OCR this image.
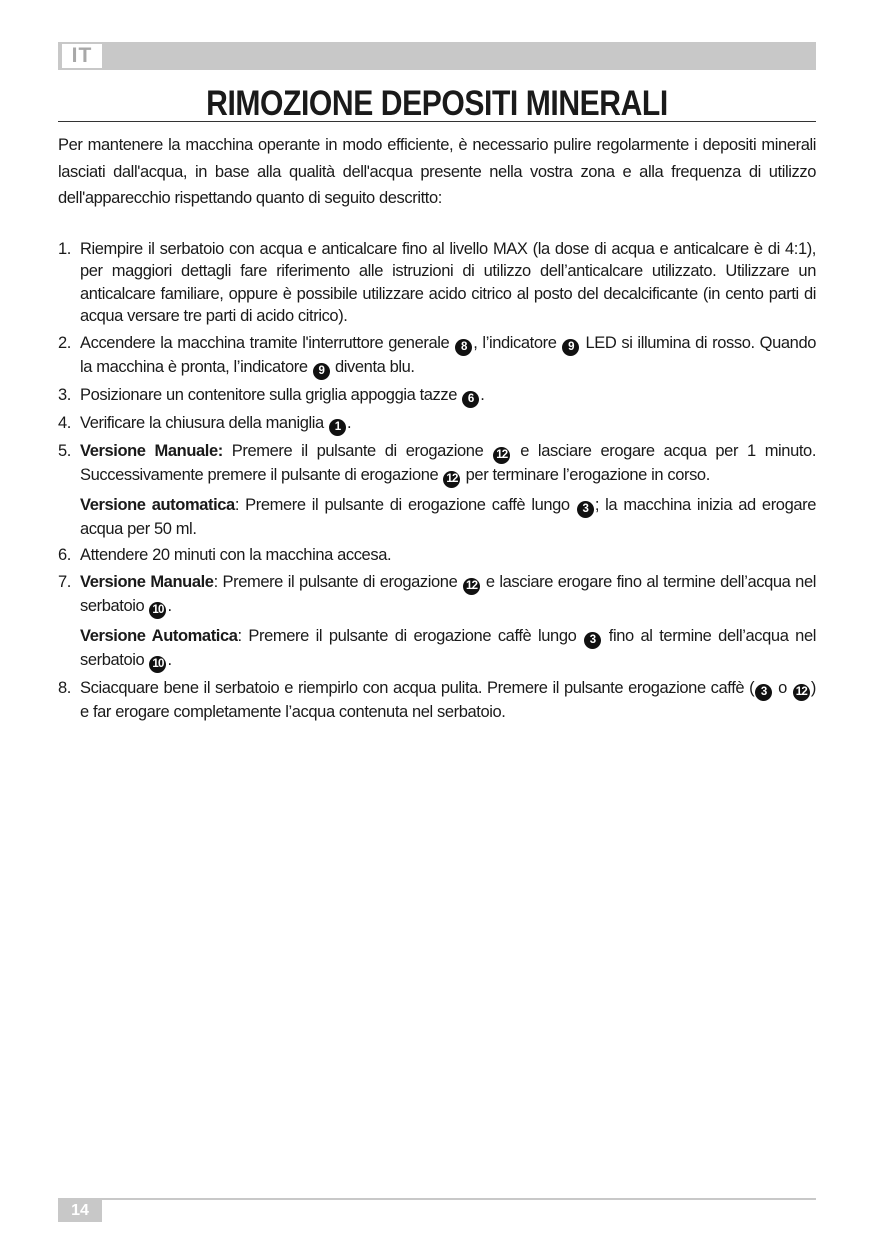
IT
RIMOZIONE DEPOSITI MINERALI

Per mantenere la macchina operante in modo efficiente, è necessario pulire regolarmente i depositi minerali lasciati dall'acqua, in base alla qualità dell'acqua presente nella vostra zona e alla frequenza di utilizzo dell'apparecchio rispettando quanto di seguito descritto:

1. Riempire il serbatoio con acqua e anticalcare fino al livello MAX (la dose di acqua e anticalcare è di 4:1), per maggiori dettagli fare riferimento alle istruzioni di utilizzo dell’anticalcare utilizzato. Utilizzare un anticalcare familiare, oppure è possibile utilizzare acido citrico al posto del decalcificante (in cento parti di acqua versare tre parti di acido citrico).
2. Accendere la macchina tramite l'interruttore generale 8 , l’indicatore 9 LED si illumina di rosso. Quando la macchina è pronta, l’indicatore 9 diventa blu.
3. Posizionare un contenitore sulla griglia appoggia tazze 6 .
4. Verificare la chiusura della maniglia 1 .
5. Versione Manuale: Premere il pulsante di erogazione 12 e lasciare erogare acqua per 1 minuto. Successivamente premere il pulsante di erogazione 12 per terminare l’erogazione in corso.
Versione automatica: Premere il pulsante di erogazione caffè lungo 3 ; la macchina inizia ad erogare acqua per 50 ml.
6. Attendere 20 minuti con la macchina accesa.
7. Versione Manuale: Premere il pulsante di erogazione 12 e lasciare erogare fino al termine dell’acqua nel serbatoio 10 .
Versione Automatica: Premere il pulsante di erogazione caffè lungo 3 fino al termine dell’acqua nel serbatoio 10 .
8. Sciacquare bene il serbatoio e riempirlo con acqua pulita. Premere il pulsante erogazione caffè ( 3 o 12 ) e far erogare completamente l’acqua contenuta nel serbatoio.
14
